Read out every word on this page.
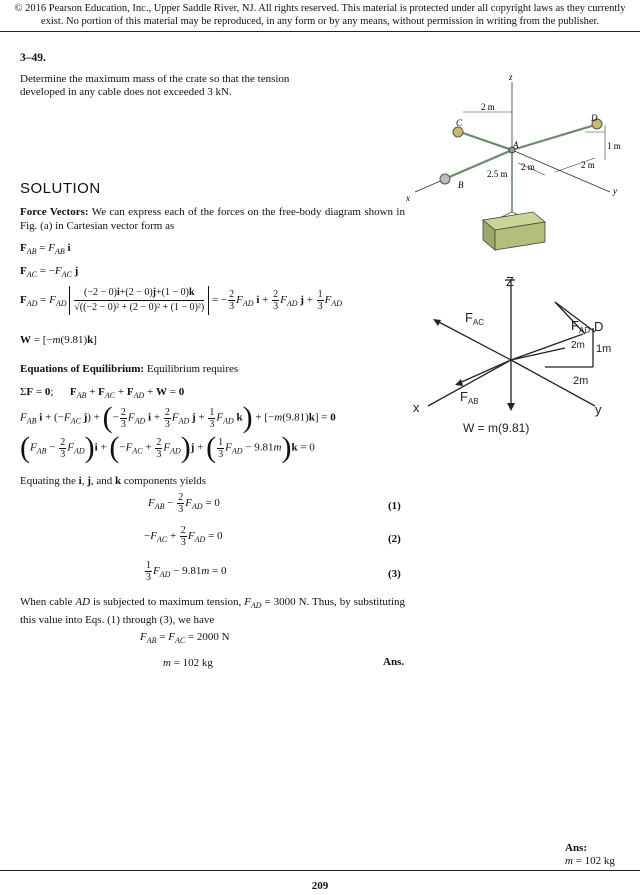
© 2016 Pearson Education, Inc., Upper Saddle River, NJ. All rights reserved. This material is protected under all copyright laws as they currently exist. No portion of this material may be reproduced, in any form or by any means, without permission in writing from the publisher.
3–49.
Determine the maximum mass of the crate so that the tension developed in any cable does not exceeded 3 kN.
z
y
x
A
B
C	D
2 m
1 m
2 m	2 m
2.5 m
SOLUTION
Force Vectors: We can express each of the forces on the free-body diagram shown in Fig. (a) in Cartesian vector form as
$F_{AB} = F_{AB}$ i
$F_{AC} = -F_{AC}$ j
$F_{AD} = F_{AD} \frac{(-2 - 0)i+(2 - 0)j+(1 - 0)k}{\text{√((−2 − 0)² + (2 − 0)² + (1 − 0)²)}}$ = − $\frac{2}{3} F_{AD}$ $i + \frac{2}{3} F_{AD}$ $j + \frac{1}{3} F_{AD}$
W = [−m(9.81)k]
Equations of Equilibrium: Equilibrium requires
ΣF = 0;      $F_{AB} + F_{AC} + F_{AD} + W = 0$
$F_{AB}$ $i + (-F_{AC}$ j) + (− $\frac{2}{3} F_{AD}$ $i + \frac{2}{3} F_{AD}$ $j + \frac{1}{3} F_{AD}$ k) + [−m(9.81)k] = 0
$(F_{AB} - \frac{2}{3} F_{AD})i + (-F_{AC} + \frac{2}{3} F_{AD})j$ + ( $\frac{1}{3} F_{AD} - 9.81m)k = 0$
Equating the i, j, and k components yields
$F_{AB} - \frac{2}{3} F_{AD} = 0$	(1)
$-F_{AC} + \frac{2}{3} F_{AD} = 0$	(2)
$\frac{1}{3} F_{AD} - 9.81m = 0$	(3)
When cable AD is subjected to maximum tension, $F_{AD} = 3000$ N. Thus, by substituting this value into Eqs. (1) through (3), we have
$F_{AB} = F_{AC} = 2000$ N
m = 102 kg	Ans.
Z
x	y
$F_{AC}$
$F_{AB}$
$F_{AD}$ D
2m 1m
2m
W = m(9.81)
Ans:
m = 102 kg
209
